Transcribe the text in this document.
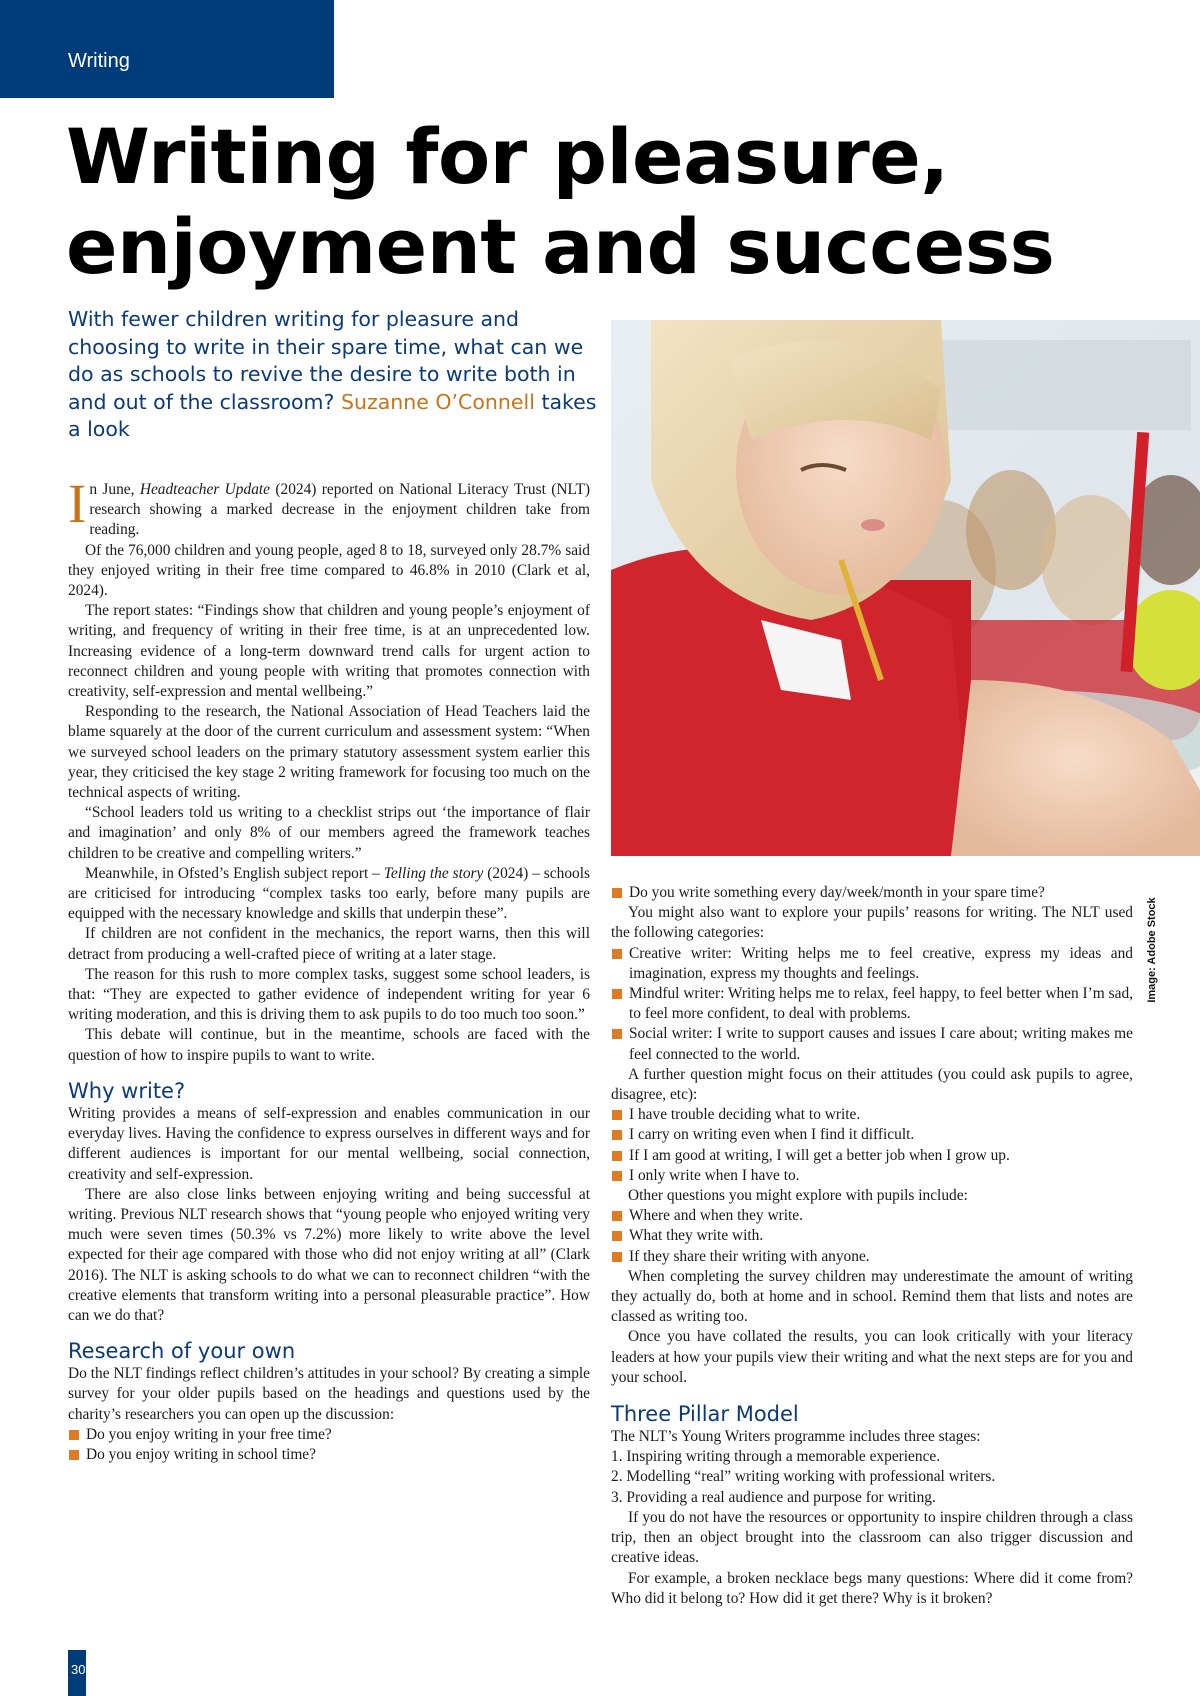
Writing
Writing for pleasure,
enjoyment and success

With fewer children writing for pleasure and choosing to write in their spare time, what can we do as schools to revive the desire to write both in and out of the classroom? Suzanne O’Connell takes a look

Image: Adobe Stock

In June, Headteacher Update (2024) reported on National Literacy Trust (NLT) research showing a marked decrease in the enjoyment children take from reading.

Of the 76,000 children and young people, aged 8 to 18, surveyed only 28.7% said they enjoyed writing in their free time compared to 46.8% in 2010 (Clark et al, 2024).

The report states: “Findings show that children and young people’s enjoyment of writing, and frequency of writing in their free time, is at an unprecedented low. Increasing evidence of a long-term downward trend calls for urgent action to reconnect children and young people with writing that promotes connection with creativity, self-expression and mental wellbeing.”

Responding to the research, the National Association of Head Teachers laid the blame squarely at the door of the current curriculum and assessment system: “When we surveyed school leaders on the primary statutory assessment system earlier this year, they criticised the key stage 2 writing framework for focusing too much on the technical aspects of writing.

“School leaders told us writing to a checklist strips out ‘the importance of flair and imagination’ and only 8% of our members agreed the framework teaches children to be creative and compelling writers.”

Meanwhile, in Ofsted’s English subject report – Telling the story (2024) – schools are criticised for introducing “complex tasks too early, before many pupils are equipped with the necessary knowledge and skills that underpin these”.

If children are not confident in the mechanics, the report warns, then this will detract from producing a well-crafted piece of writing at a later stage.

The reason for this rush to more complex tasks, suggest some school leaders, is that: “They are expected to gather evidence of independent writing for year 6 writing moderation, and this is driving them to ask pupils to do too much too soon.”

This debate will continue, but in the meantime, schools are faced with the question of how to inspire pupils to want to write.

Why write?

Writing provides a means of self-expression and enables communication in our everyday lives. Having the confidence to express ourselves in different ways and for different audiences is important for our mental wellbeing, social connection, creativity and self-expression.

There are also close links between enjoying writing and being successful at writing. Previous NLT research shows that “young people who enjoyed writing very much were seven times (50.3% vs 7.2%) more likely to write above the level expected for their age compared with those who did not enjoy writing at all” (Clark 2016). The NLT is asking schools to do what we can to reconnect children “with the creative elements that transform writing into a personal pleasurable practice”. How can we do that?

Research of your own

Do the NLT findings reflect children’s attitudes in your school? By creating a simple survey for your older pupils based on the headings and questions used by the charity’s researchers you can open up the discussion:

Do you enjoy writing in your free time?
Do you enjoy writing in school time?
Do you write something every day/week/month in your spare time?

You might also want to explore your pupils’ reasons for writing. The NLT used the following categories:

Creative writer: Writing helps me to feel creative, express my ideas and imagination, express my thoughts and feelings.
Mindful writer: Writing helps me to relax, feel happy, to feel better when I’m sad, to feel more confident, to deal with problems.
Social writer: I write to support causes and issues I care about; writing makes me feel connected to the world.

A further question might focus on their attitudes (you could ask pupils to agree, disagree, etc):

I have trouble deciding what to write.
I carry on writing even when I find it difficult.
If I am good at writing, I will get a better job when I grow up.
I only write when I have to.

Other questions you might explore with pupils include:

Where and when they write.
What they write with.
If they share their writing with anyone.

When completing the survey children may underestimate the amount of writing they actually do, both at home and in school. Remind them that lists and notes are classed as writing too.

Once you have collated the results, you can look critically with your literacy leaders at how your pupils view their writing and what the next steps are for you and your school.

Three Pillar Model

The NLT’s Young Writers programme includes three stages:

1. Inspiring writing through a memorable experience.
2. Modelling “real” writing working with professional writers.
3. Providing a real audience and purpose for writing.

If you do not have the resources or opportunity to inspire children through a class trip, then an object brought into the classroom can also trigger discussion and creative ideas.

For example, a broken necklace begs many questions: Where did it come from? Who did it belong to? How did it get there? Why is it broken?

30
